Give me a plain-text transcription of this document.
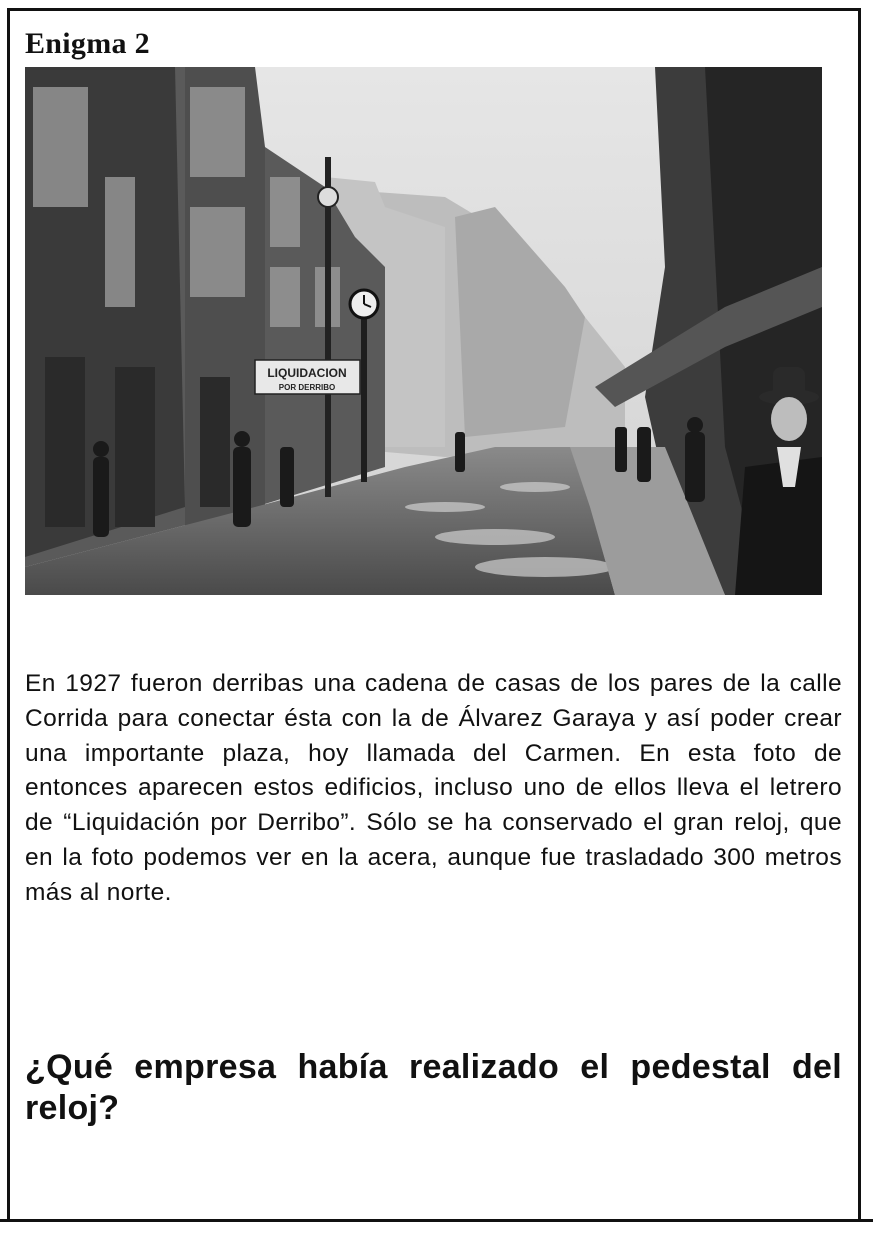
Enigma 2
LIQUIDACION
POR DERRIBO

En 1927 fueron derribas una cadena de casas de los pares de la calle Corrida para conectar ésta con la de Álvarez Garaya y así poder crear una importante plaza, hoy llamada del Carmen. En esta foto de entonces aparecen estos edificios, incluso uno de ellos lleva el letrero de “Liquidación por Derribo”. Sólo se ha conservado el gran reloj, que en la foto podemos ver en la acera, aunque fue trasladado 300 metros más al norte.

¿Qué empresa había realizado el pedestal del reloj?
